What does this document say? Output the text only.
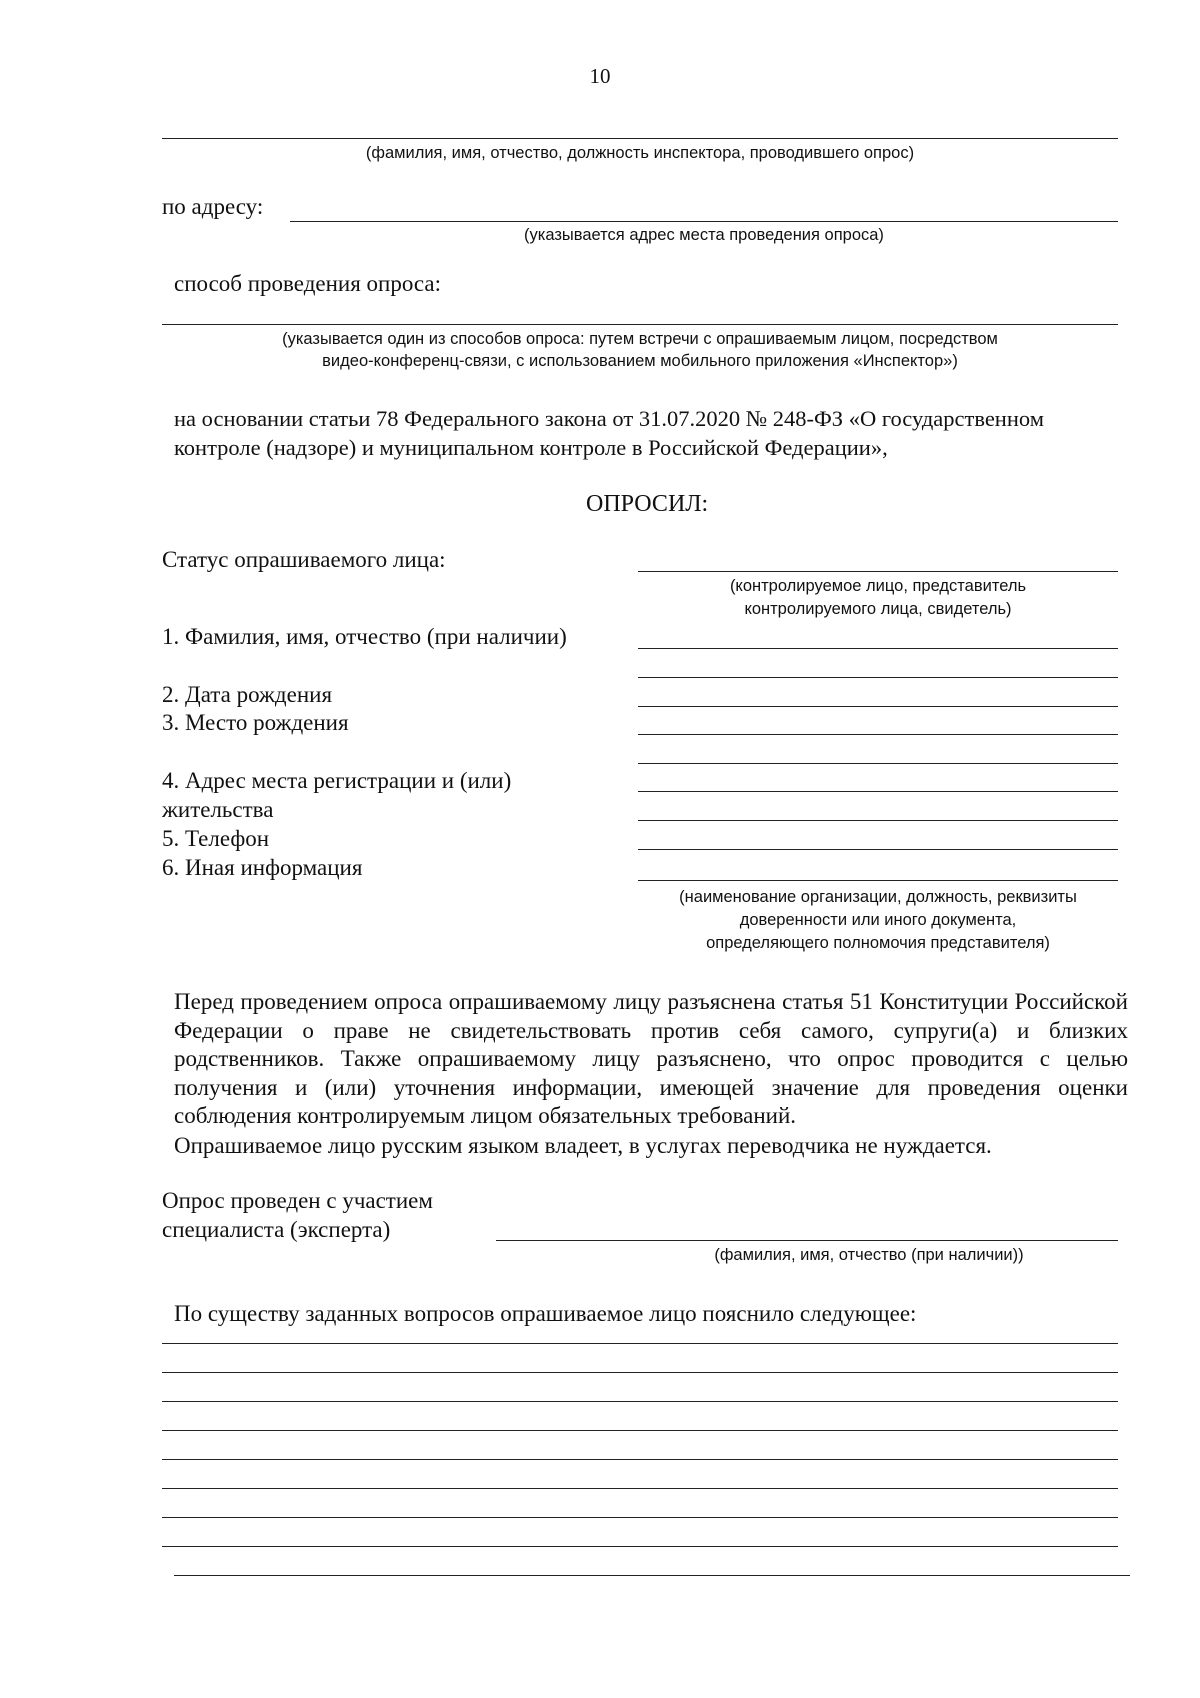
10
(фамилия, имя, отчество, должность инспектора, проводившего опрос)
по адресу:
(указывается адрес места проведения опроса)
способ проведения опроса:
(указывается один из способов опроса: путем встречи с опрашиваемым лицом, посредством
видео-конференц-связи, с использованием мобильного приложения «Инспектор»)
на основании статьи 78 Федерального закона от 31.07.2020 № 248-ФЗ «О государственном
контроле (надзоре) и муниципальном контроле в Российской Федерации»,
ОПРОСИЛ:
Статус опрашиваемого лица:
(контролируемое лицо, представитель
контролируемого лица, свидетель)
1. Фамилия, имя, отчество (при наличии)
2. Дата рождения
3. Место рождения
4. Адрес места регистрации и (или)
жительства
5. Телефон
6. Иная информация
(наименование организации, должность, реквизиты
доверенности или иного документа,
определяющего полномочия представителя)
Перед проведением опроса опрашиваемому лицу разъяснена статья 51 Конституции Российской Федерации о праве не свидетельствовать против себя самого, супруги(а) и близких родственников. Также опрашиваемому лицу разъяснено, что опрос проводится с целью получения и (или) уточнения информации, имеющей значение для проведения оценки соблюдения контролируемым лицом обязательных требований.
Опрашиваемое лицо русским языком владеет, в услугах переводчика не нуждается.
Опрос проведен с участием
специалиста (эксперта)
(фамилия, имя, отчество (при наличии))
По существу заданных вопросов опрашиваемое лицо пояснило следующее:
